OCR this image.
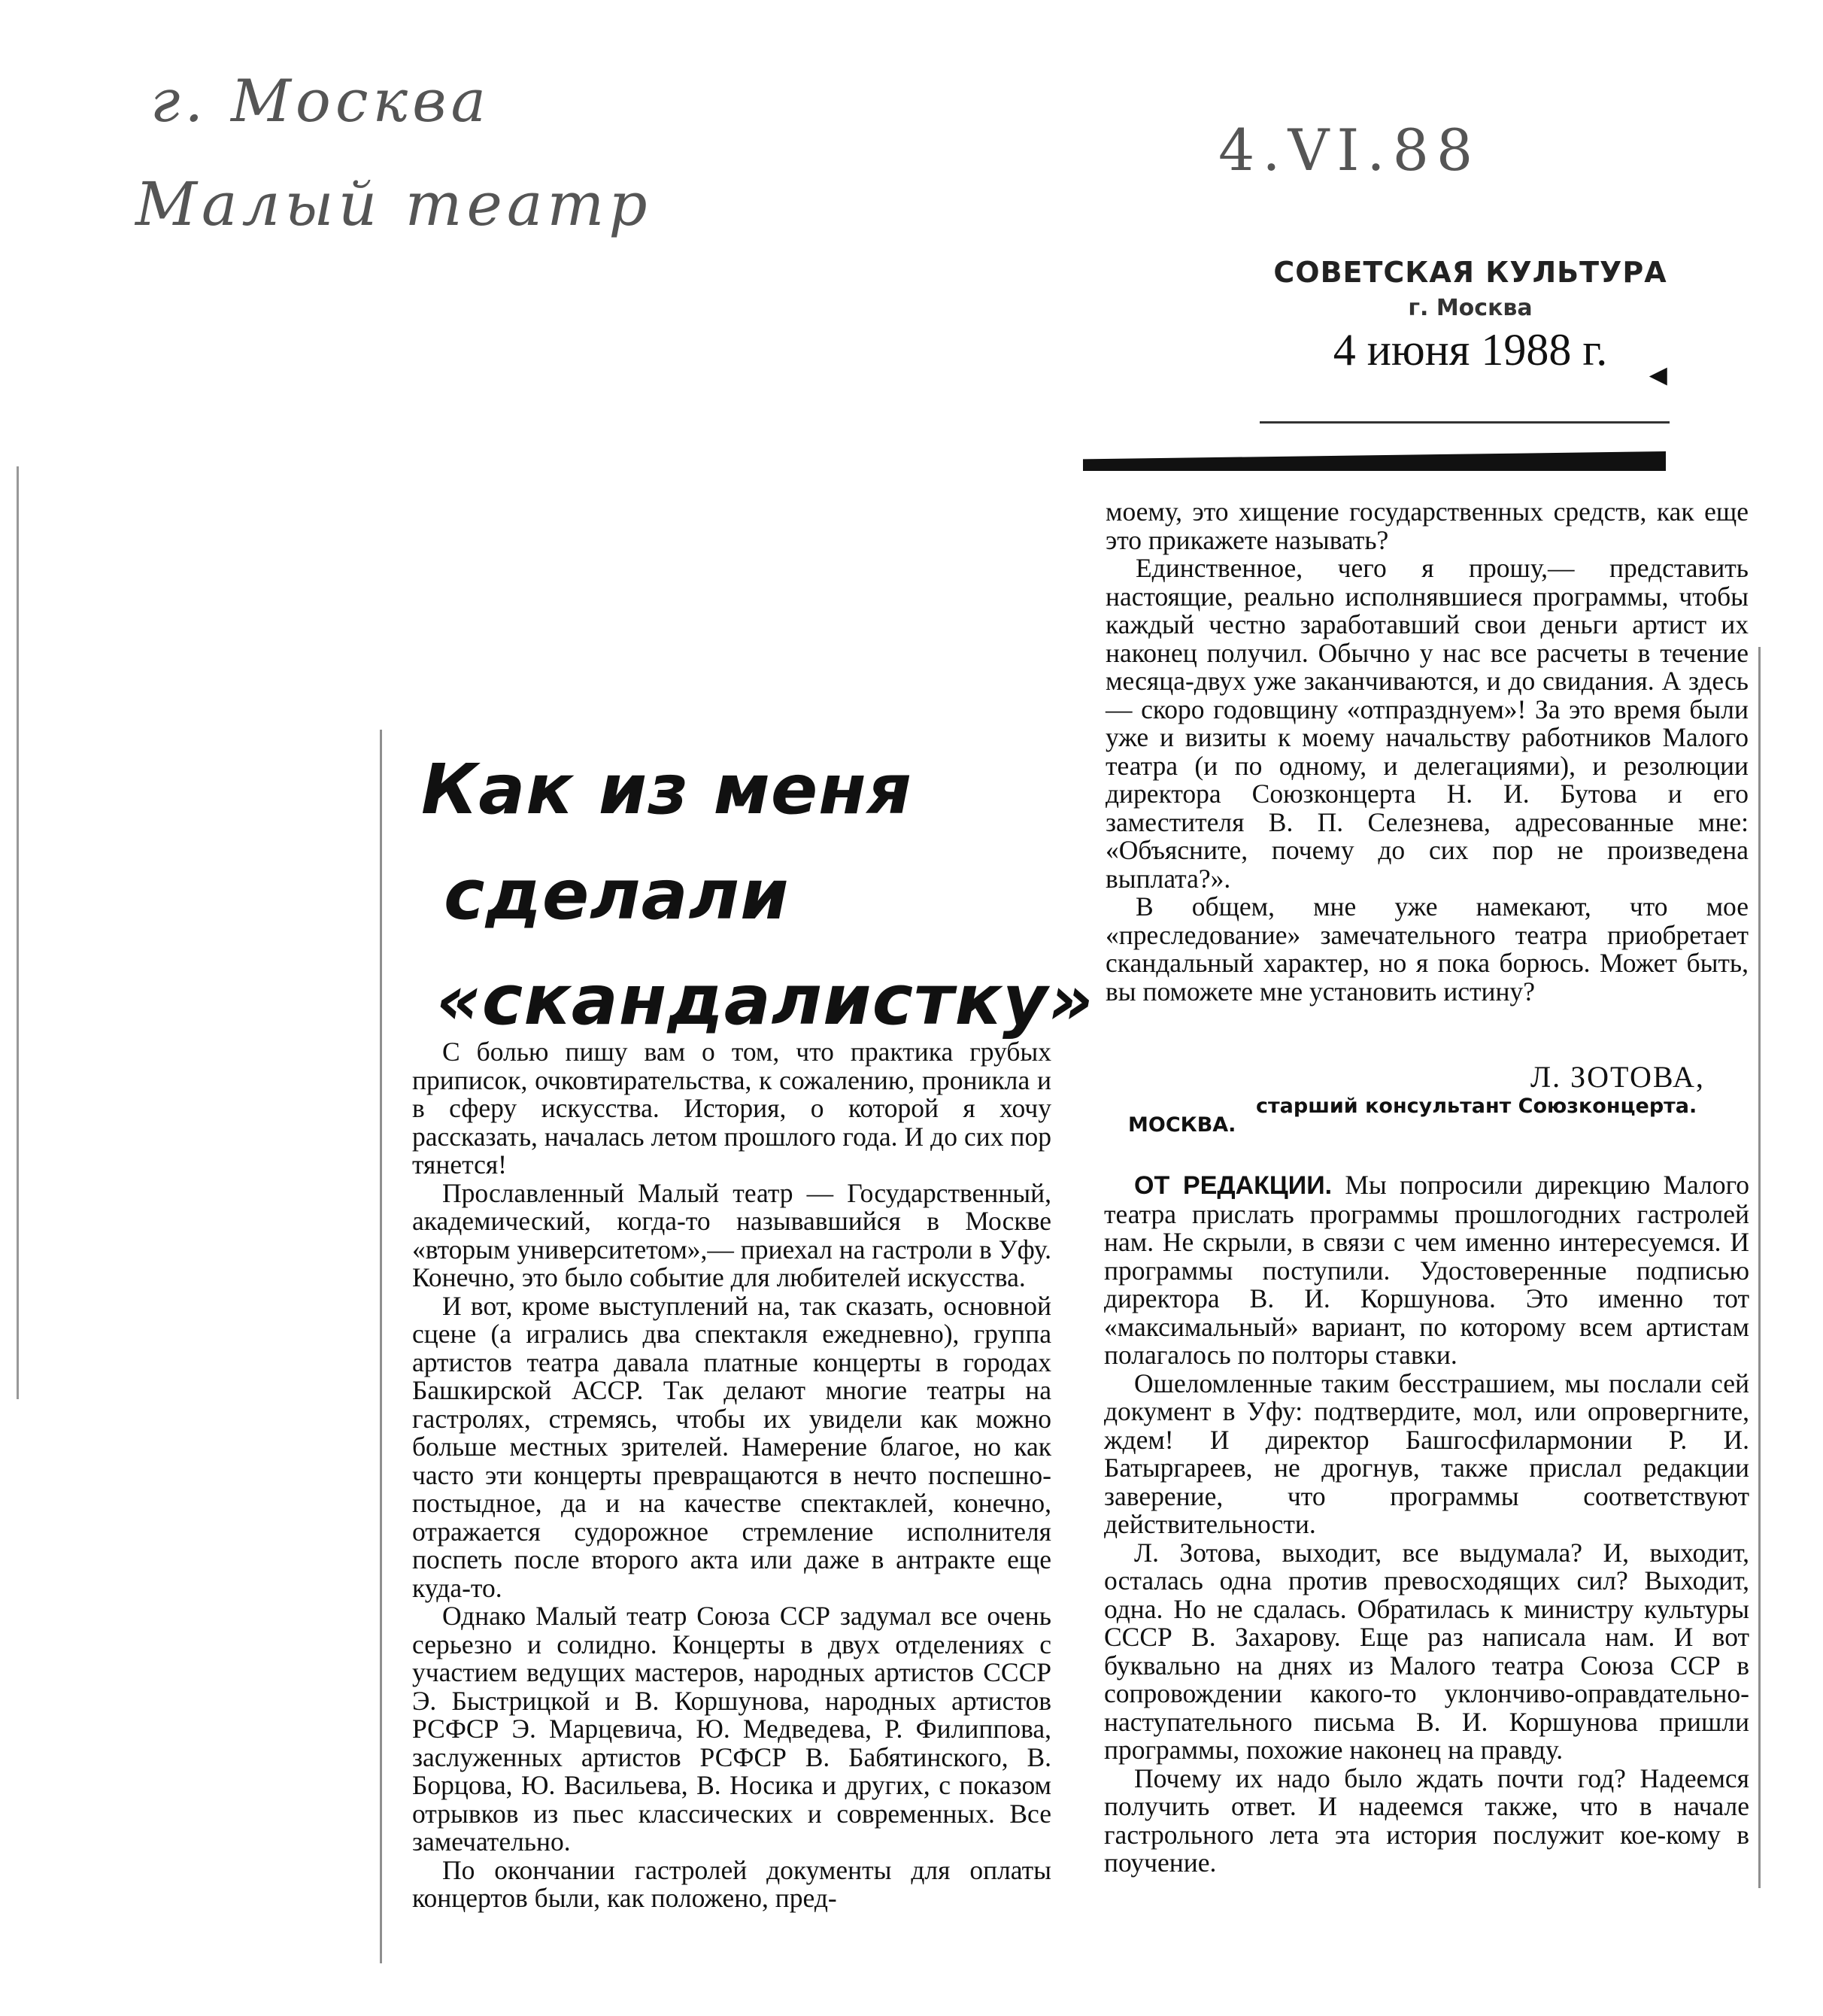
г. Москва
Малый театр
4.VI.88
СОВЕТСКАЯ КУЛЬТУРА
г. Москва
4 июня 1988 г.
◄
Как из меня
сделали
«скандалистку»

С болью пишу вам о том, что практика грубых приписок, очковтирательства, к сожалению, проникла и в сферу искусства. История, о которой я хочу рассказать, началась летом прошлого года. И до сих пор тянется!

Прославленный Малый театр — Государственный, академический, когда-то называвшийся в Москве «вторым университетом»,— приехал на гастроли в Уфу. Конечно, это было событие для любителей искусства.

И вот, кроме выступлений на, так сказать, основной сцене (а игрались два спектакля ежедневно), группа артистов театра давала платные концерты в городах Башкирской АССР. Так делают многие театры на гастролях, стремясь, чтобы их увидели как можно больше местных зрителей. Намерение благое, но как часто эти концерты превращаются в нечто поспешно-постыдное, да и на качестве спектаклей, конечно, отражается судорожное стремление исполнителя поспеть после второго акта или даже в антракте еще куда-то.

Однако Малый театр Союза ССР задумал все очень серьезно и солидно. Концерты в двух отделениях с участием ведущих мастеров, народных артистов СССР Э. Быстрицкой и В. Коршунова, народных артистов РСФСР Э. Марцевича, Ю. Медведева, Р. Филиппова, заслуженных артистов РСФСР В. Бабятинского, В. Борцова, Ю. Васильева, В. Носика и других, с показом отрывков из пьес классических и современных. Все замечательно.

По окончании гастролей документы для оплаты концертов были, как положено, пред-

моему, это хищение государственных средств, как еще это прикажете называть?

Единственное, чего я прошу,— представить настоящие, реально исполнявшиеся программы, чтобы каждый честно заработавший свои деньги артист их наконец получил. Обычно у нас все расчеты в течение месяца-двух уже заканчиваются, и до свидания. А здесь — скоро годовщину «отпразднуем»! За это время были уже и визиты к моему начальству работников Малого театра (и по одному, и делегациями), и резолюции директора Союзконцерта Н. И. Бутова и его заместителя В. П. Селезнева, адресованные мне: «Объясните, почему до сих пор не произведена выплата?».

В общем, мне уже намекают, что мое «преследование» замечательного театра приобретает скандальный характер, но я пока борюсь. Может быть, вы поможете мне установить истину?

Л. ЗОТОВА,
старший консультант Союзконцерта.
МОСКВА.

ОТ РЕДАКЦИИ. Мы попросили дирекцию Малого театра прислать программы прошлогодних гастролей нам. Не скрыли, в связи с чем именно интересуемся. И программы поступили. Удостоверенные подписью директора В. И. Коршунова. Это именно тот «максимальный» вариант, по которому всем артистам полагалось по полторы ставки.

Ошеломленные таким бесстрашием, мы послали сей документ в Уфу: подтвердите, мол, или опровергните, ждем! И директор Башгосфилармонии Р. И. Батыргареев, не дрогнув, также прислал редакции заверение, что программы соответствуют действительности.

Л. Зотова, выходит, все выдумала? И, выходит, осталась одна против превосходящих сил? Выходит, одна. Но не сдалась. Обратилась к министру культуры СССР В. Захарову. Еще раз написала нам. И вот буквально на днях из Малого театра Союза ССР в сопровождении какого-то уклончиво-оправдательно-наступательного письма В. И. Коршунова пришли программы, похожие наконец на правду.

Почему их надо было ждать почти год? Надеемся получить ответ. И надеемся также, что в начале гастрольного лета эта история послужит кое-кому в поучение.
